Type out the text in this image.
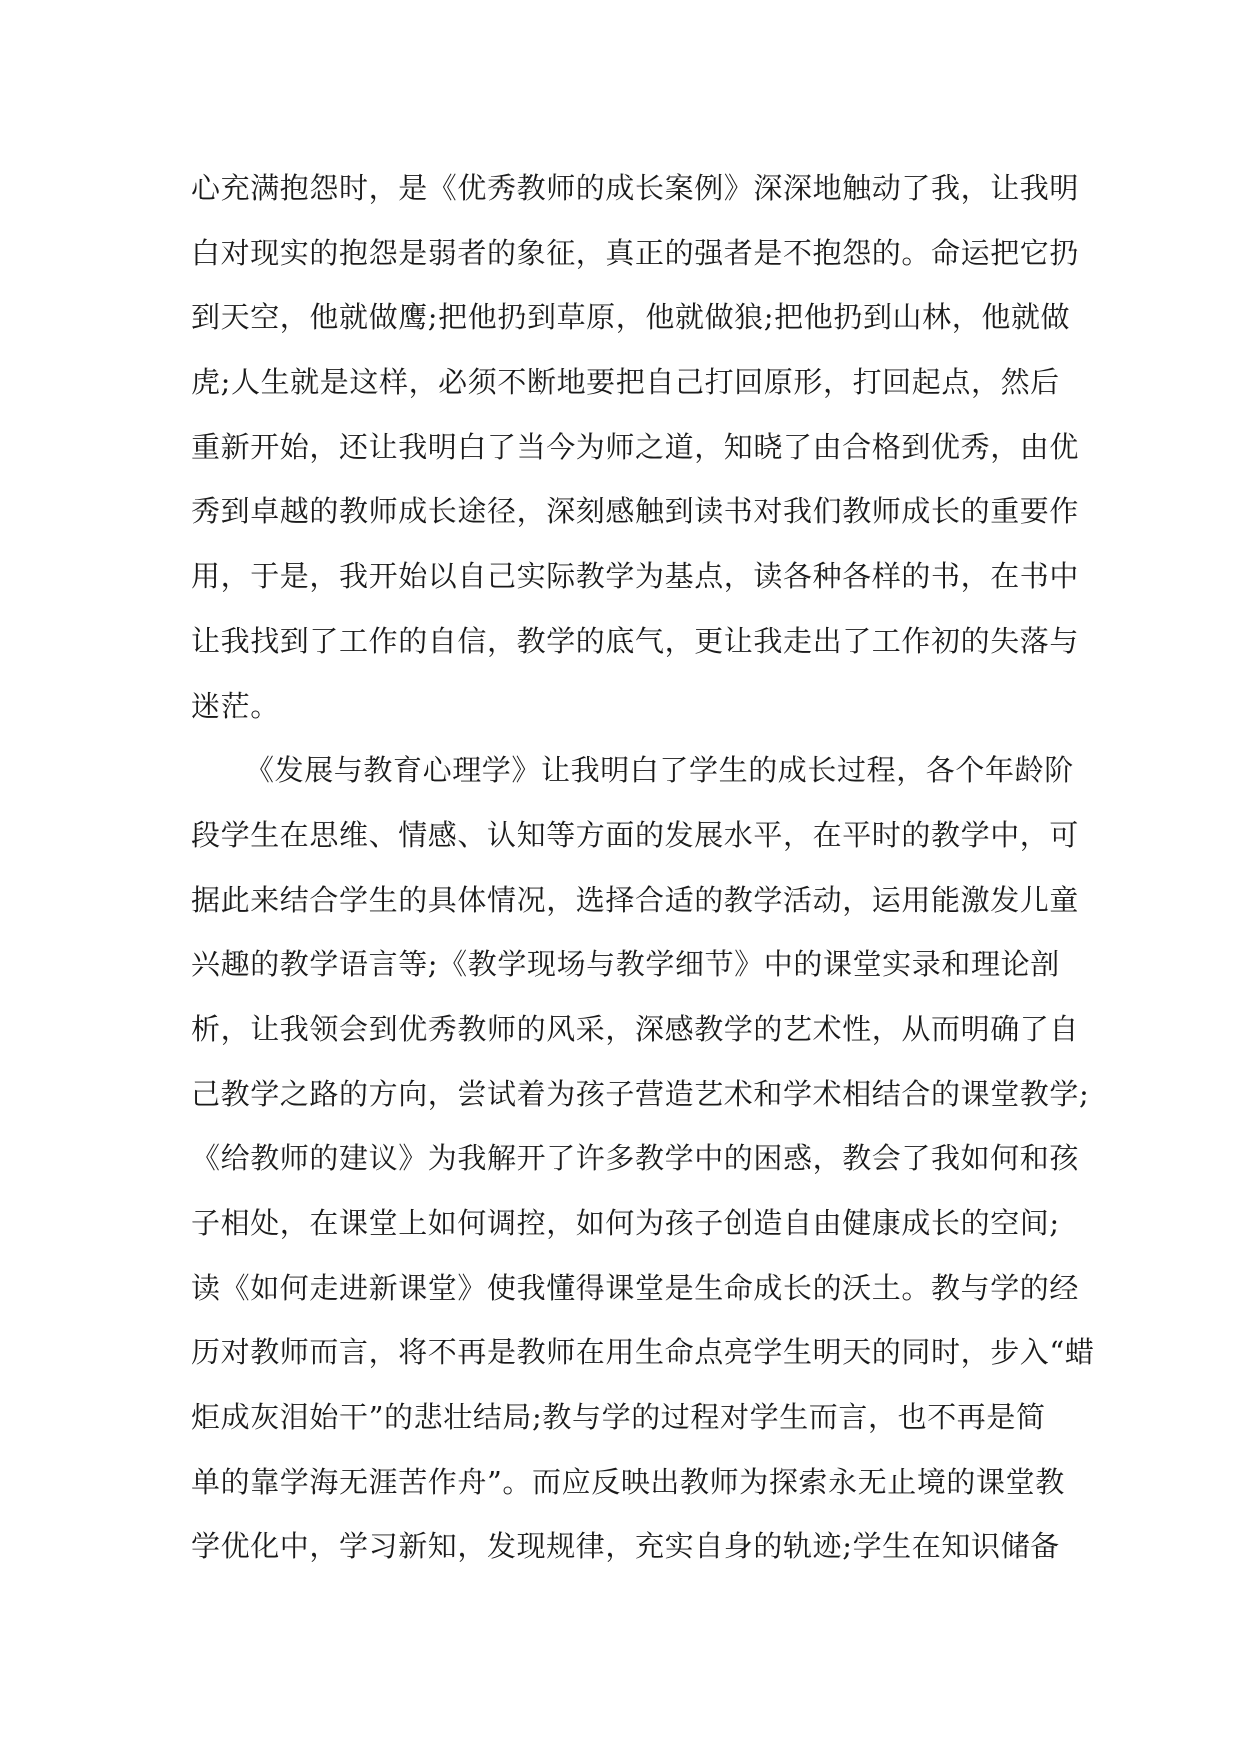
心充满抱怨时，是《优秀教师的成长案例》深深地触动了我，让我明
白对现实的抱怨是弱者的象征，真正的强者是不抱怨的。命运把它扔
到天空，他就做鹰;把他扔到草原，他就做狼;把他扔到山林，他就做
虎;人生就是这样，必须不断地要把自己打回原形，打回起点，然后
重新开始，还让我明白了当今为师之道，知晓了由合格到优秀，由优
秀到卓越的教师成长途径，深刻感触到读书对我们教师成长的重要作
用，于是，我开始以自己实际教学为基点，读各种各样的书，在书中
让我找到了工作的自信，教学的底气，更让我走出了工作初的失落与
迷茫。
《发展与教育心理学》让我明白了学生的成长过程，各个年龄阶
段学生在思维、情感、认知等方面的发展水平，在平时的教学中，可
据此来结合学生的具体情况，选择合适的教学活动，运用能激发儿童
兴趣的教学语言等;《教学现场与教学细节》中的课堂实录和理论剖
析，让我领会到优秀教师的风采，深感教学的艺术性，从而明确了自
己教学之路的方向，尝试着为孩子营造艺术和学术相结合的课堂教学;
《给教师的建议》为我解开了许多教学中的困惑，教会了我如何和孩
子相处，在课堂上如何调控，如何为孩子创造自由健康成长的空间;
读《如何走进新课堂》使我懂得课堂是生命成长的沃土。教与学的经
历对教师而言，将不再是教师在用生命点亮学生明天的同时，步入“蜡
炬成灰泪始干”的悲壮结局;教与学的过程对学生而言，也不再是简
单的靠学海无涯苦作舟”。而应反映出教师为探索永无止境的课堂教
学优化中，学习新知，发现规律，充实自身的轨迹;学生在知识储备
